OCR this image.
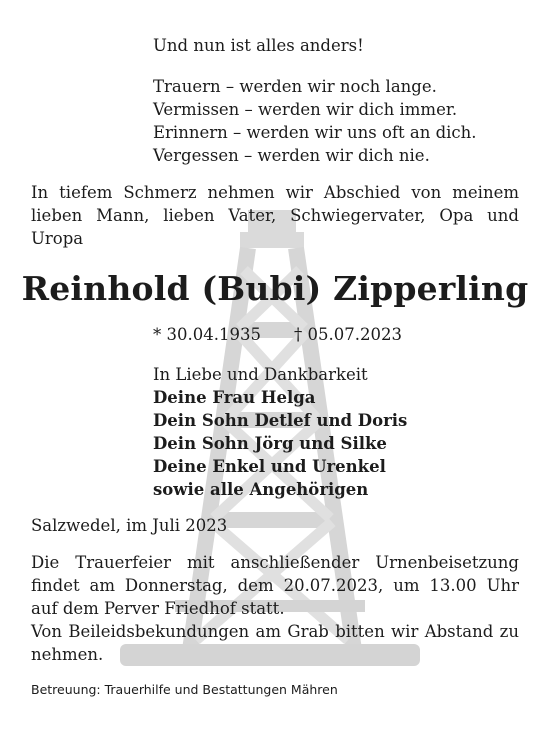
Und nun ist alles anders!
Trauern – werden wir noch lange.
Vermissen – werden wir dich immer.
Erinnern – werden wir uns oft an dich.
Vergessen – werden wir dich nie.
In tiefem Schmerz nehmen wir Abschied von meinem
lieben Mann, lieben Vater, Schwiegervater, Opa und
Uropa
Reinhold (Bubi) Zipperling
* 30.04.1935 † 05.07.2023
In Liebe und Dankbarkeit
Deine Frau Helga
Dein Sohn Detlef und Doris
Dein Sohn Jörg und Silke
Deine Enkel und Urenkel
sowie alle Angehörigen
Salzwedel, im Juli 2023
Die Trauerfeier mit anschließender Urnenbeisetzung
findet am Donnerstag, dem 20.07.2023, um 13.00 Uhr
auf dem Perver Friedhof statt.
Von Beileidsbekundungen am Grab bitten wir Abstand zu
nehmen.
Betreuung: Trauerhilfe und Bestattungen Mähren
